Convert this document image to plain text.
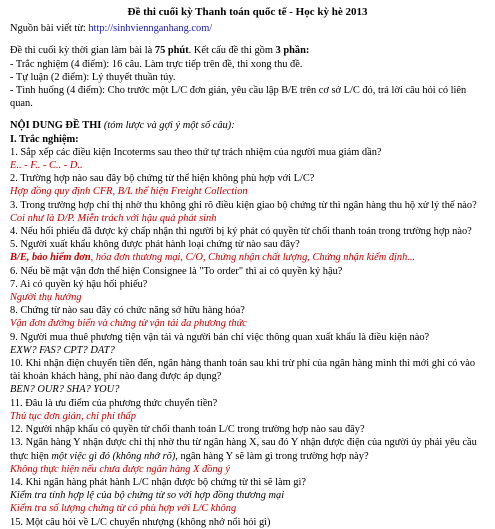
Đề thi cuối kỳ Thanh toán quốc tế - Học kỳ hè 2013
Nguồn bài viết từ: http://sinhviennganhang.com/
Đề thi cuối kỳ thời gian làm bài là 75 phút. Kết cấu đề thi gồm 3 phần:
- Trắc nghiệm (4 điểm): 16 câu. Làm trực tiếp trên đề, thi xong thu đề.
- Tự luận (2 điểm): Lý thuyết thuần túy.
- Tình huống (4 điểm): Cho trước một L/C đơn giản, yêu cầu lập B/E trên cơ sở L/C đó, trả lời câu hỏi có liên quan.
NỘI DUNG ĐỀ THI (tóm lược và gợi ý một số câu):
I. Trắc nghiệm:
1. Sắp xếp các điều kiện Incoterms sau theo thứ tự trách nhiệm của người mua giảm dần?
E.. - F.. - C.. - D..
2. Trường hợp nào sau đây bộ chứng từ thể hiện không phù hợp với L/C?
Hợp đồng quy định CFR, B/L thể hiện Freight Collection
3. Trong trường hợp chỉ thị nhờ thu không ghi rõ điều kiện giao bộ chứng từ thì ngân hàng thu hộ xử lý thế nào?
Coi như là D/P. Miễn trách với hậu quả phát sinh
4. Nếu hối phiếu đã được ký chấp nhận thì người bị ký phát có quyền từ chối thanh toán trong trường hợp nào?
5. Người xuất khẩu không được phát hành loại chứng từ nào sau đây?
B/E, bảo hiểm đơn, hóa đơn thương mại, C/O, Chứng nhận chất lượng, Chứng nhận kiểm định...
6. Nếu bề mặt vận đơn thể hiện Consignee là "To order" thì ai có quyền ký hậu?
7. Ai có quyền ký hậu hối phiếu?
Người thụ hưởng
8. Chứng từ nào sau đây có chức năng sở hữu hàng hóa?
Vận đơn đường biển và chứng từ vận tải đa phương thức
9. Người mua thuê phương tiện vận tải và người bán chỉ việc thông quan xuất khẩu là điều kiện nào?
EXW? FAS? CPT? DAT?
10. Khi nhận điện chuyển tiền đến, ngân hàng thanh toán sau khi trừ phí của ngân hàng mình thì mới ghi có vào tài khoản khách hàng, phí nào đang được áp dụng?
BEN? OUR? SHA? YOU?
11. Đâu là ưu điểm của phương thức chuyển tiền?
Thủ tục đơn giản, chi phí thấp
12. Người nhập khẩu có quyền từ chối thanh toán L/C trong trường hợp nào sau đây?
13. Ngân hàng Y nhận được chỉ thị nhờ thu từ ngân hàng X, sau đó Y nhận được điện của người ủy phải yêu cầu thực hiện một việc gì đó (không nhớ rõ), ngân hàng Y sẽ làm gì trong trường hợp này?
Không thực hiện nếu chưa được ngân hàng X đồng ý
14. Khi ngân hàng phát hành L/C nhận được bộ chứng từ thì sẽ làm gì?
Kiểm tra tính hợp lệ của bộ chứng từ so với hợp đồng thương mại
Kiểm tra số lượng chứng từ có phù hợp với L/C không
15. Một câu hỏi về L/C chuyển nhượng (không nhớ nổi hỏi gì)
